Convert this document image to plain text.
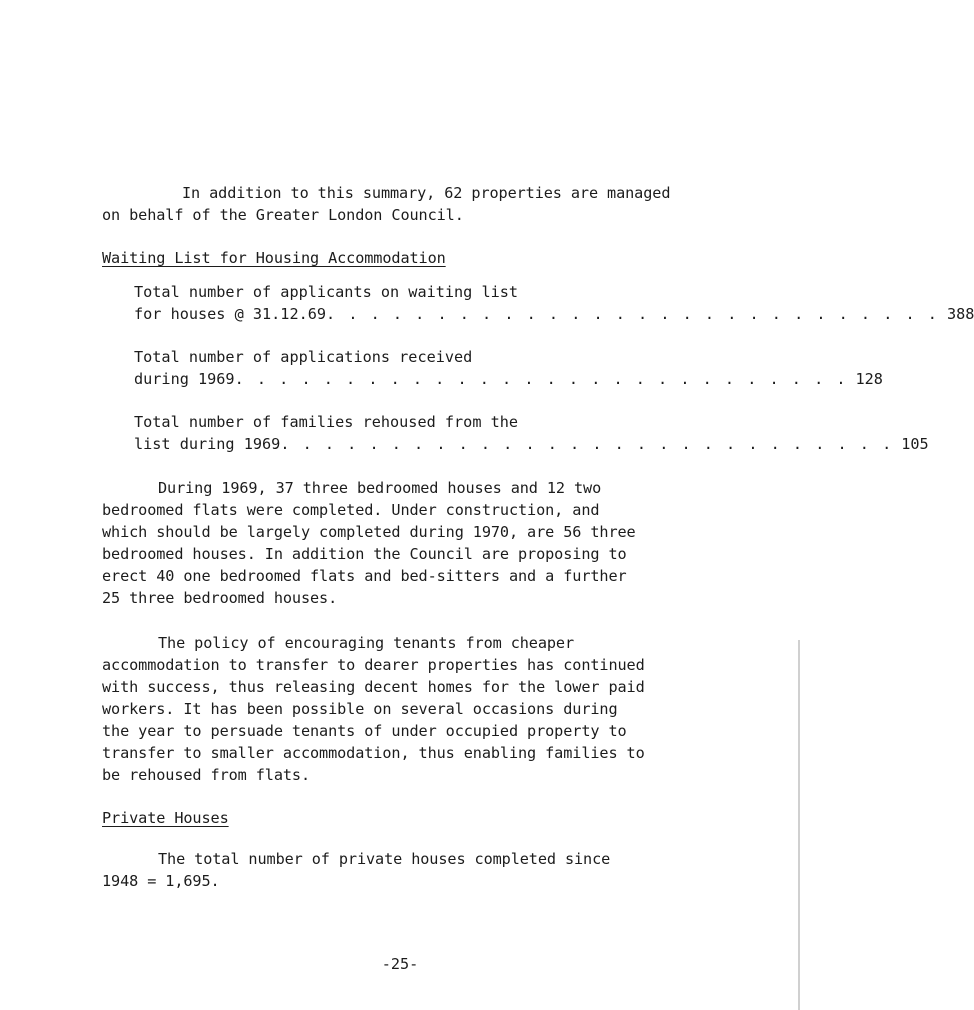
In addition to this summary, 62 properties are managed
on behalf of the Greater London Council.
Waiting List for Housing Accommodation
Total number of applicants on waiting list
for houses @ 31.12.69 . . . . . . . . . . . . . . . . . . . . . . . . . . . . 388
Total number of applications received
during 1969 . . . . . . . . . . . . . . . . . . . . . . . . . . . . 128
Total number of families rehoused from the
list during 1969 . . . . . . . . . . . . . . . . . . . . . . . . . . . . 105
During 1969, 37 three bedroomed houses and 12 two
bedroomed flats were completed. Under construction, and
which should be largely completed during 1970, are 56 three
bedroomed houses. In addition the Council are proposing to
erect 40 one bedroomed flats and bed-sitters and a further
25 three bedroomed houses.
The policy of encouraging tenants from cheaper
accommodation to transfer to dearer properties has continued
with success, thus releasing decent homes for the lower paid
workers. It has been possible on several occasions during
the year to persuade tenants of under occupied property to
transfer to smaller accommodation, thus enabling families to
be rehoused from flats.
Private Houses
The total number of private houses completed since
1948 = 1,695.
-25-
